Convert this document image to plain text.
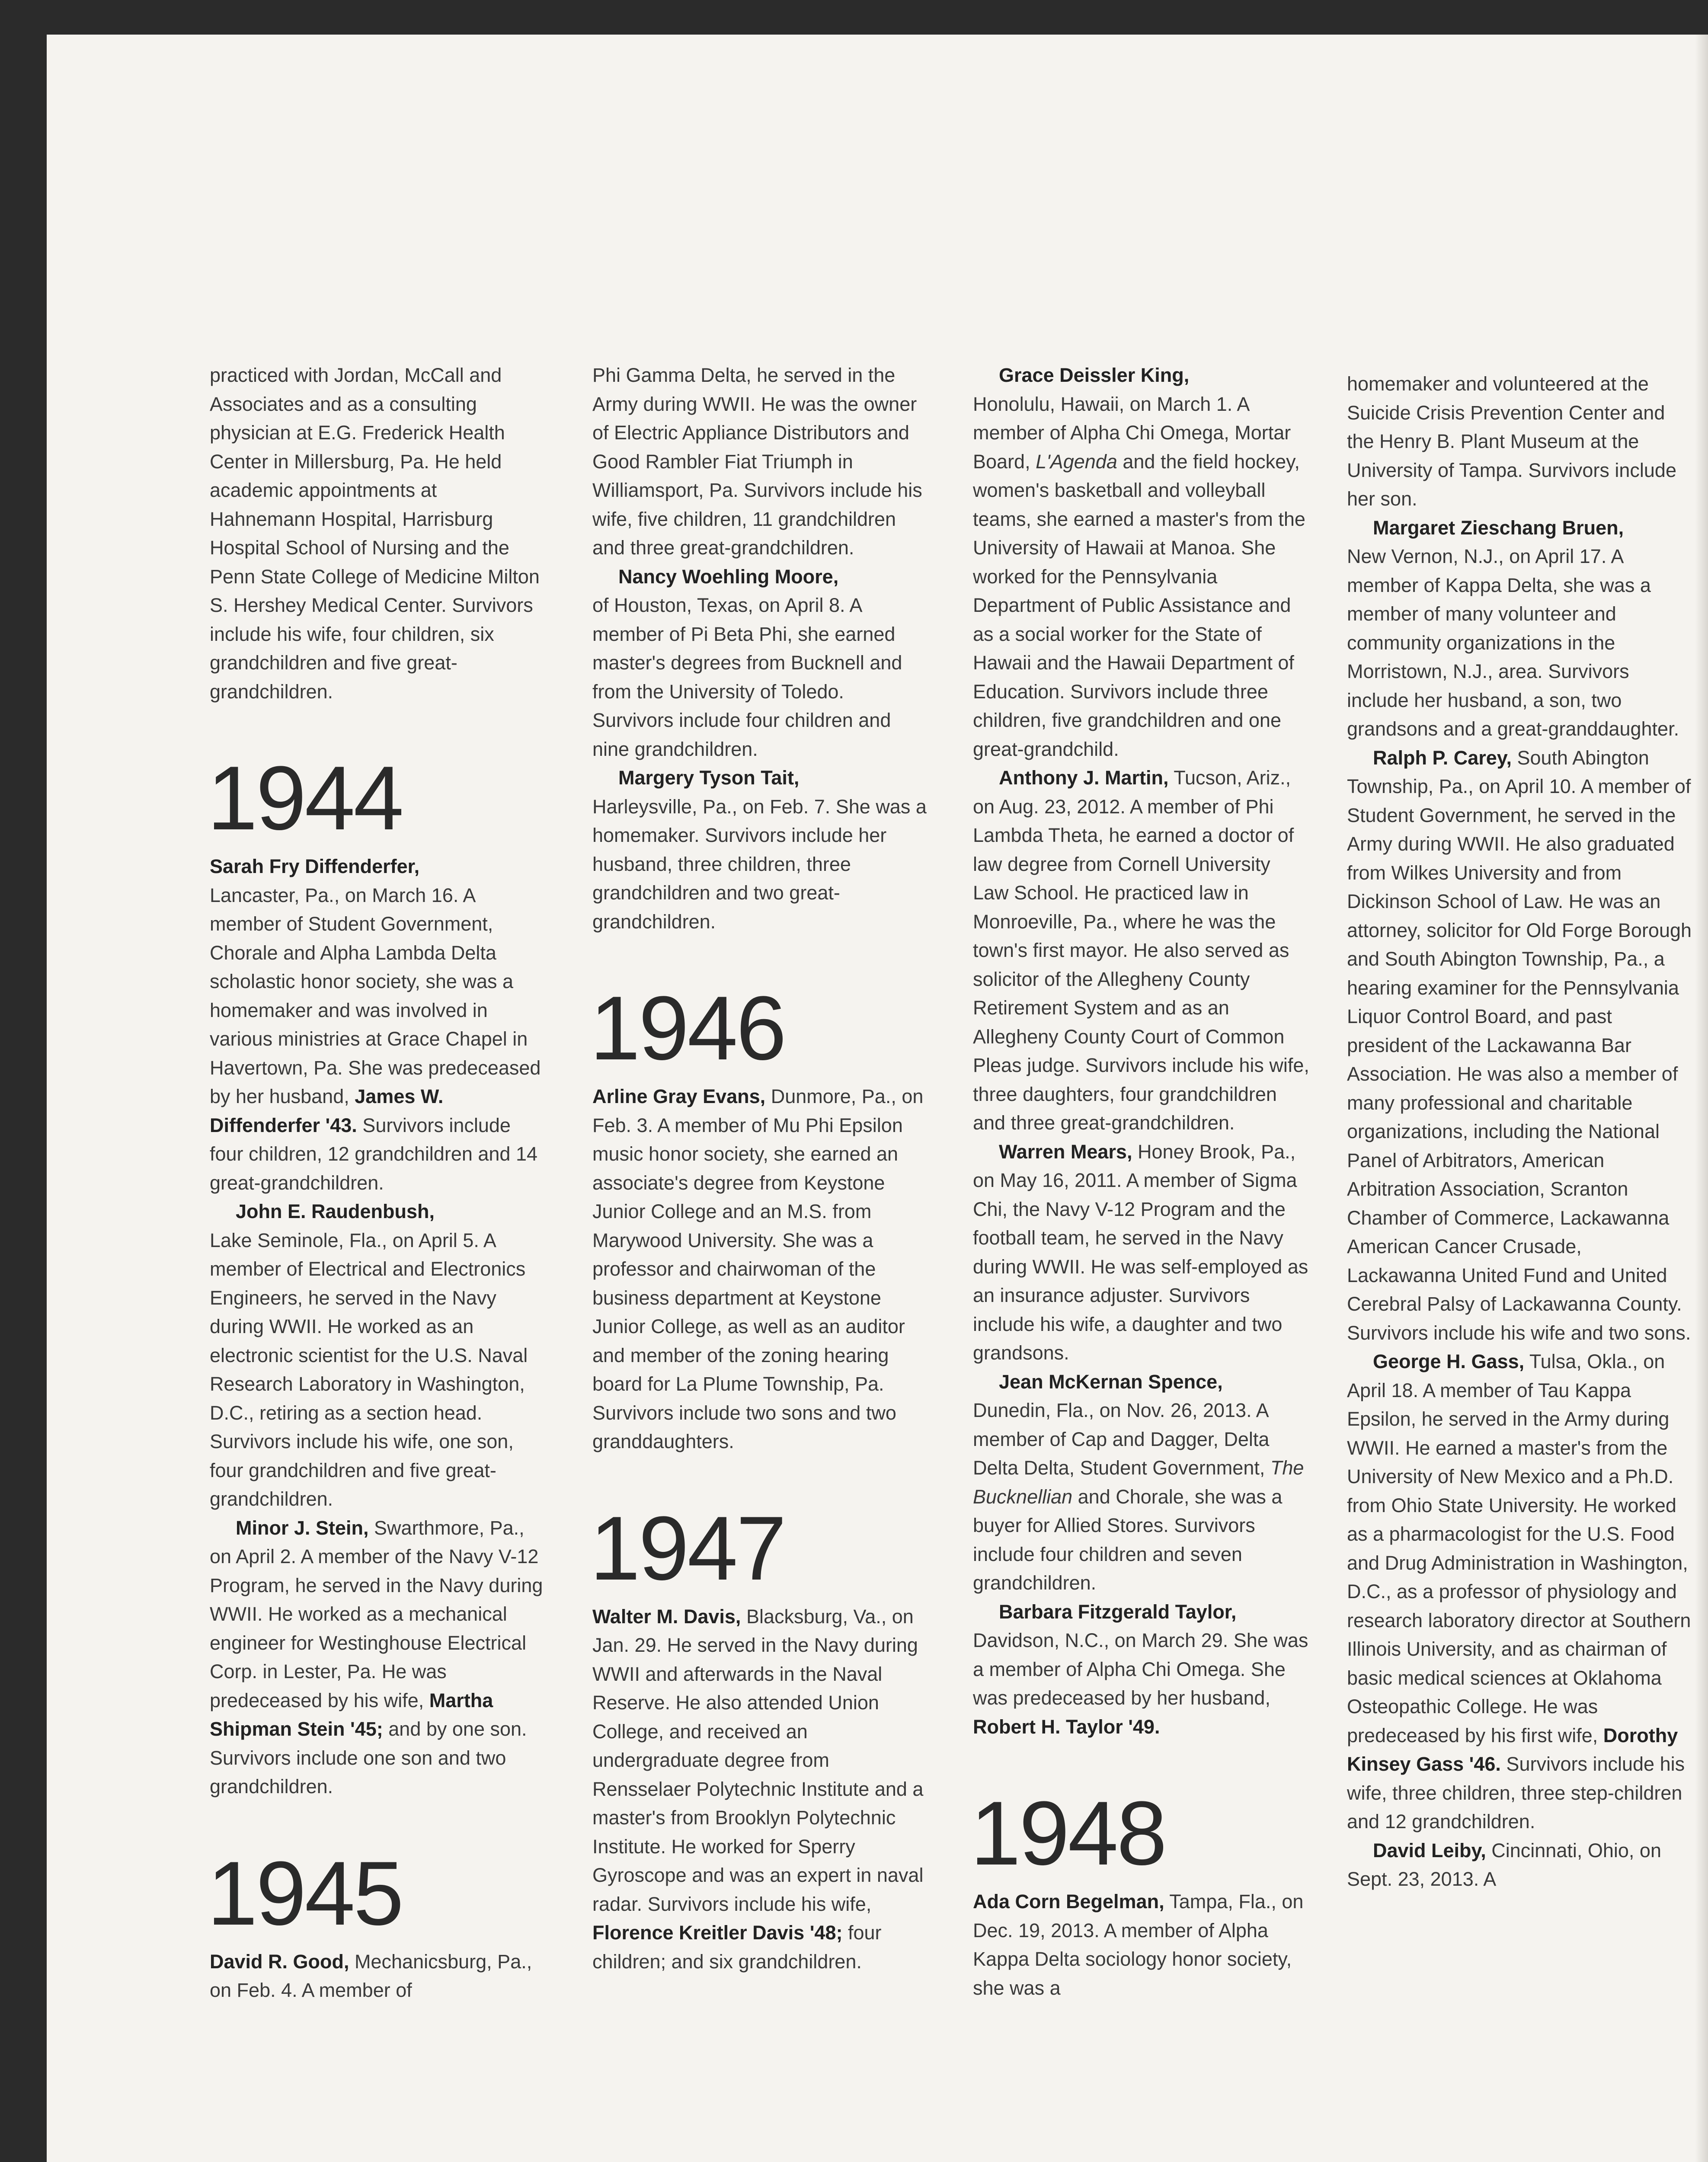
practiced with Jordan, McCall and Associates and as a consulting physician at E.G. Frederick Health Center in Millersburg, Pa. He held academic appointments at Hahnemann Hospital, Harrisburg Hospital School of Nursing and the Penn State College of Medicine Milton S. Hershey Medical Center. Survivors include his wife, four children, six grandchildren and five great-grandchildren.

1944

Sarah Fry Diffenderfer,
Lancaster, Pa., on March 16. A member of Student Government, Chorale and Alpha Lambda Delta scholastic honor society, she was a homemaker and was involved in various ministries at Grace Chapel in Havertown, Pa. She was predeceased by her husband, James W. Diffenderfer '43. Survivors include four children, 12 grandchildren and 14 great-grandchildren.

John E. Raudenbush,
Lake Seminole, Fla., on April 5. A member of Electrical and Electronics Engineers, he served in the Navy during WWII. He worked as an electronic scientist for the U.S. Naval Research Laboratory in Washington, D.C., retiring as a section head. Survivors include his wife, one son, four grandchildren and five great-grandchildren.

Minor J. Stein, Swarthmore, Pa., on April 2. A member of the Navy V-12 Program, he served in the Navy during WWII. He worked as a mechanical engineer for Westinghouse Electrical Corp. in Lester, Pa. He was predeceased by his wife, Martha Shipman Stein '45; and by one son. Survivors include one son and two grandchildren.

1945

David R. Good, Mechanicsburg, Pa., on Feb. 4. A member of

Phi Gamma Delta, he served in the Army during WWII. He was the owner of Electric Appliance Distributors and Good Rambler Fiat Triumph in Williamsport, Pa. Survivors include his wife, five children, 11 grandchildren and three great-grandchildren.

Nancy Woehling Moore,
of Houston, Texas, on April 8. A member of Pi Beta Phi, she earned master's degrees from Bucknell and from the University of Toledo. Survivors include four children and nine grandchildren.

Margery Tyson Tait,
Harleysville, Pa., on Feb. 7. She was a homemaker. Survivors include her husband, three children, three grandchildren and two great-grandchildren.

1946

Arline Gray Evans, Dunmore, Pa., on Feb. 3. A member of Mu Phi Epsilon music honor society, she earned an associate's degree from Keystone Junior College and an M.S. from Marywood University. She was a professor and chairwoman of the business department at Keystone Junior College, as well as an auditor and member of the zoning hearing board for La Plume Township, Pa. Survivors include two sons and two granddaughters.

1947

Walter M. Davis, Blacksburg, Va., on Jan. 29. He served in the Navy during WWII and afterwards in the Naval Reserve. He also attended Union College, and received an undergraduate degree from Rensselaer Polytechnic Institute and a master's from Brooklyn Polytechnic Institute. He worked for Sperry Gyroscope and was an expert in naval radar. Survivors include his wife, Florence Kreitler Davis '48; four children; and six grandchildren.

Grace Deissler King,
Honolulu, Hawaii, on March 1. A member of Alpha Chi Omega, Mortar Board, L'Agenda and the field hockey, women's basketball and volleyball teams, she earned a master's from the University of Hawaii at Manoa. She worked for the Pennsylvania Department of Public Assistance and as a social worker for the State of Hawaii and the Hawaii Department of Education. Survivors include three children, five grandchildren and one great-grandchild.

Anthony J. Martin, Tucson, Ariz., on Aug. 23, 2012. A member of Phi Lambda Theta, he earned a doctor of law degree from Cornell University Law School. He practiced law in Monroeville, Pa., where he was the town's first mayor. He also served as solicitor of the Allegheny County Retirement System and as an Allegheny County Court of Common Pleas judge. Survivors include his wife, three daughters, four grandchildren and three great-grandchildren.

Warren Mears, Honey Brook, Pa., on May 16, 2011. A member of Sigma Chi, the Navy V-12 Program and the football team, he served in the Navy during WWII. He was self-employed as an insurance adjuster. Survivors include his wife, a daughter and two grandsons.

Jean McKernan Spence,
Dunedin, Fla., on Nov. 26, 2013. A member of Cap and Dagger, Delta Delta Delta, Student Government, The Bucknellian and Chorale, she was a buyer for Allied Stores. Survivors include four children and seven grandchildren.

Barbara Fitzgerald Taylor,
Davidson, N.C., on March 29. She was a member of Alpha Chi Omega. She was predeceased by her husband, Robert H. Taylor '49.

1948

Ada Corn Begelman, Tampa, Fla., on Dec. 19, 2013. A member of Alpha Kappa Delta sociology honor society, she was a

homemaker and volunteered at the Suicide Crisis Prevention Center and the Henry B. Plant Museum at the University of Tampa. Survivors include her son.

Margaret Zieschang Bruen,
New Vernon, N.J., on April 17. A member of Kappa Delta, she was a member of many volunteer and community organizations in the Morristown, N.J., area. Survivors include her husband, a son, two grandsons and a great-granddaughter.

Ralph P. Carey, South Abington Township, Pa., on April 10. A member of Student Government, he served in the Army during WWII. He also graduated from Wilkes University and from Dickinson School of Law. He was an attorney, solicitor for Old Forge Borough and South Abington Township, Pa., a hearing examiner for the Pennsylvania Liquor Control Board, and past president of the Lackawanna Bar Association. He was also a member of many professional and charitable organizations, including the National Panel of Arbitrators, American Arbitration Association, Scranton Chamber of Commerce, Lackawanna American Cancer Crusade, Lackawanna United Fund and United Cerebral Palsy of Lackawanna County. Survivors include his wife and two sons.

George H. Gass, Tulsa, Okla., on April 18. A member of Tau Kappa Epsilon, he served in the Army during WWII. He earned a master's from the University of New Mexico and a Ph.D. from Ohio State University. He worked as a pharmacologist for the U.S. Food and Drug Administration in Washington, D.C., as a professor of physiology and research laboratory director at Southern Illinois University, and as chairman of basic medical sciences at Oklahoma Osteopathic College. He was predeceased by his first wife, Dorothy Kinsey Gass '46. Survivors include his wife, three children, three step-children and 12 grandchildren.

David Leiby, Cincinnati, Ohio, on Sept. 23, 2013. A
